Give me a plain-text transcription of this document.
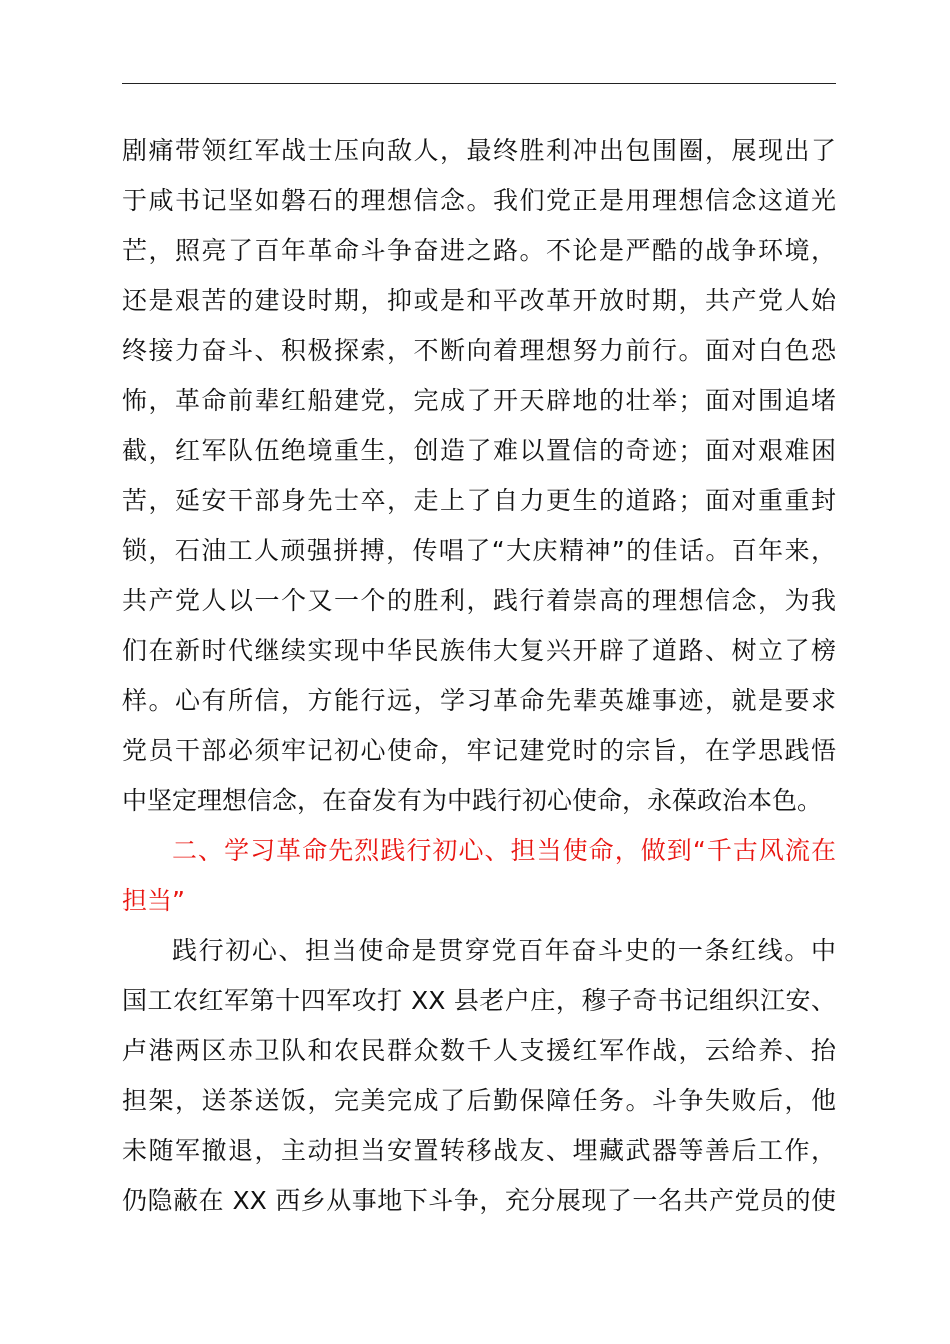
剧痛带领红军战士压向敌人，最终胜利冲出包围圈，展现出了
于咸书记坚如磐石的理想信念。我们党正是用理想信念这道光
芒，照亮了百年革命斗争奋进之路。不论是严酷的战争环境，
还是艰苦的建设时期，抑或是和平改革开放时期，共产党人始
终接力奋斗、积极探索，不断向着理想努力前行。面对白色恐
怖，革命前辈红船建党，完成了开天辟地的壮举；面对围追堵
截，红军队伍绝境重生，创造了难以置信的奇迹；面对艰难困
苦，延安干部身先士卒，走上了自力更生的道路；面对重重封
锁，石油工人顽强拼搏，传唱了“大庆精神”的佳话。百年来，
共产党人以一个又一个的胜利，践行着崇高的理想信念，为我
们在新时代继续实现中华民族伟大复兴开辟了道路、树立了榜
样。心有所信，方能行远，学习革命先辈英雄事迹，就是要求
党员干部必须牢记初心使命，牢记建党时的宗旨，在学思践悟
中坚定理想信念，在奋发有为中践行初心使命，永葆政治本色。
二、学习革命先烈践行初心、担当使命，做到“千古风流在
担当”
践行初心、担当使命是贯穿党百年奋斗史的一条红线。中
国工农红军第十四军攻打 XX 县老户庄，穆子奇书记组织江安、
卢港两区赤卫队和农民群众数千人支援红军作战，云给养、抬
担架，送茶送饭，完美完成了后勤保障任务。斗争失败后，他
未随军撤退，主动担当安置转移战友、埋藏武器等善后工作，
仍隐蔽在 XX 西乡从事地下斗争，充分展现了一名共产党员的使
